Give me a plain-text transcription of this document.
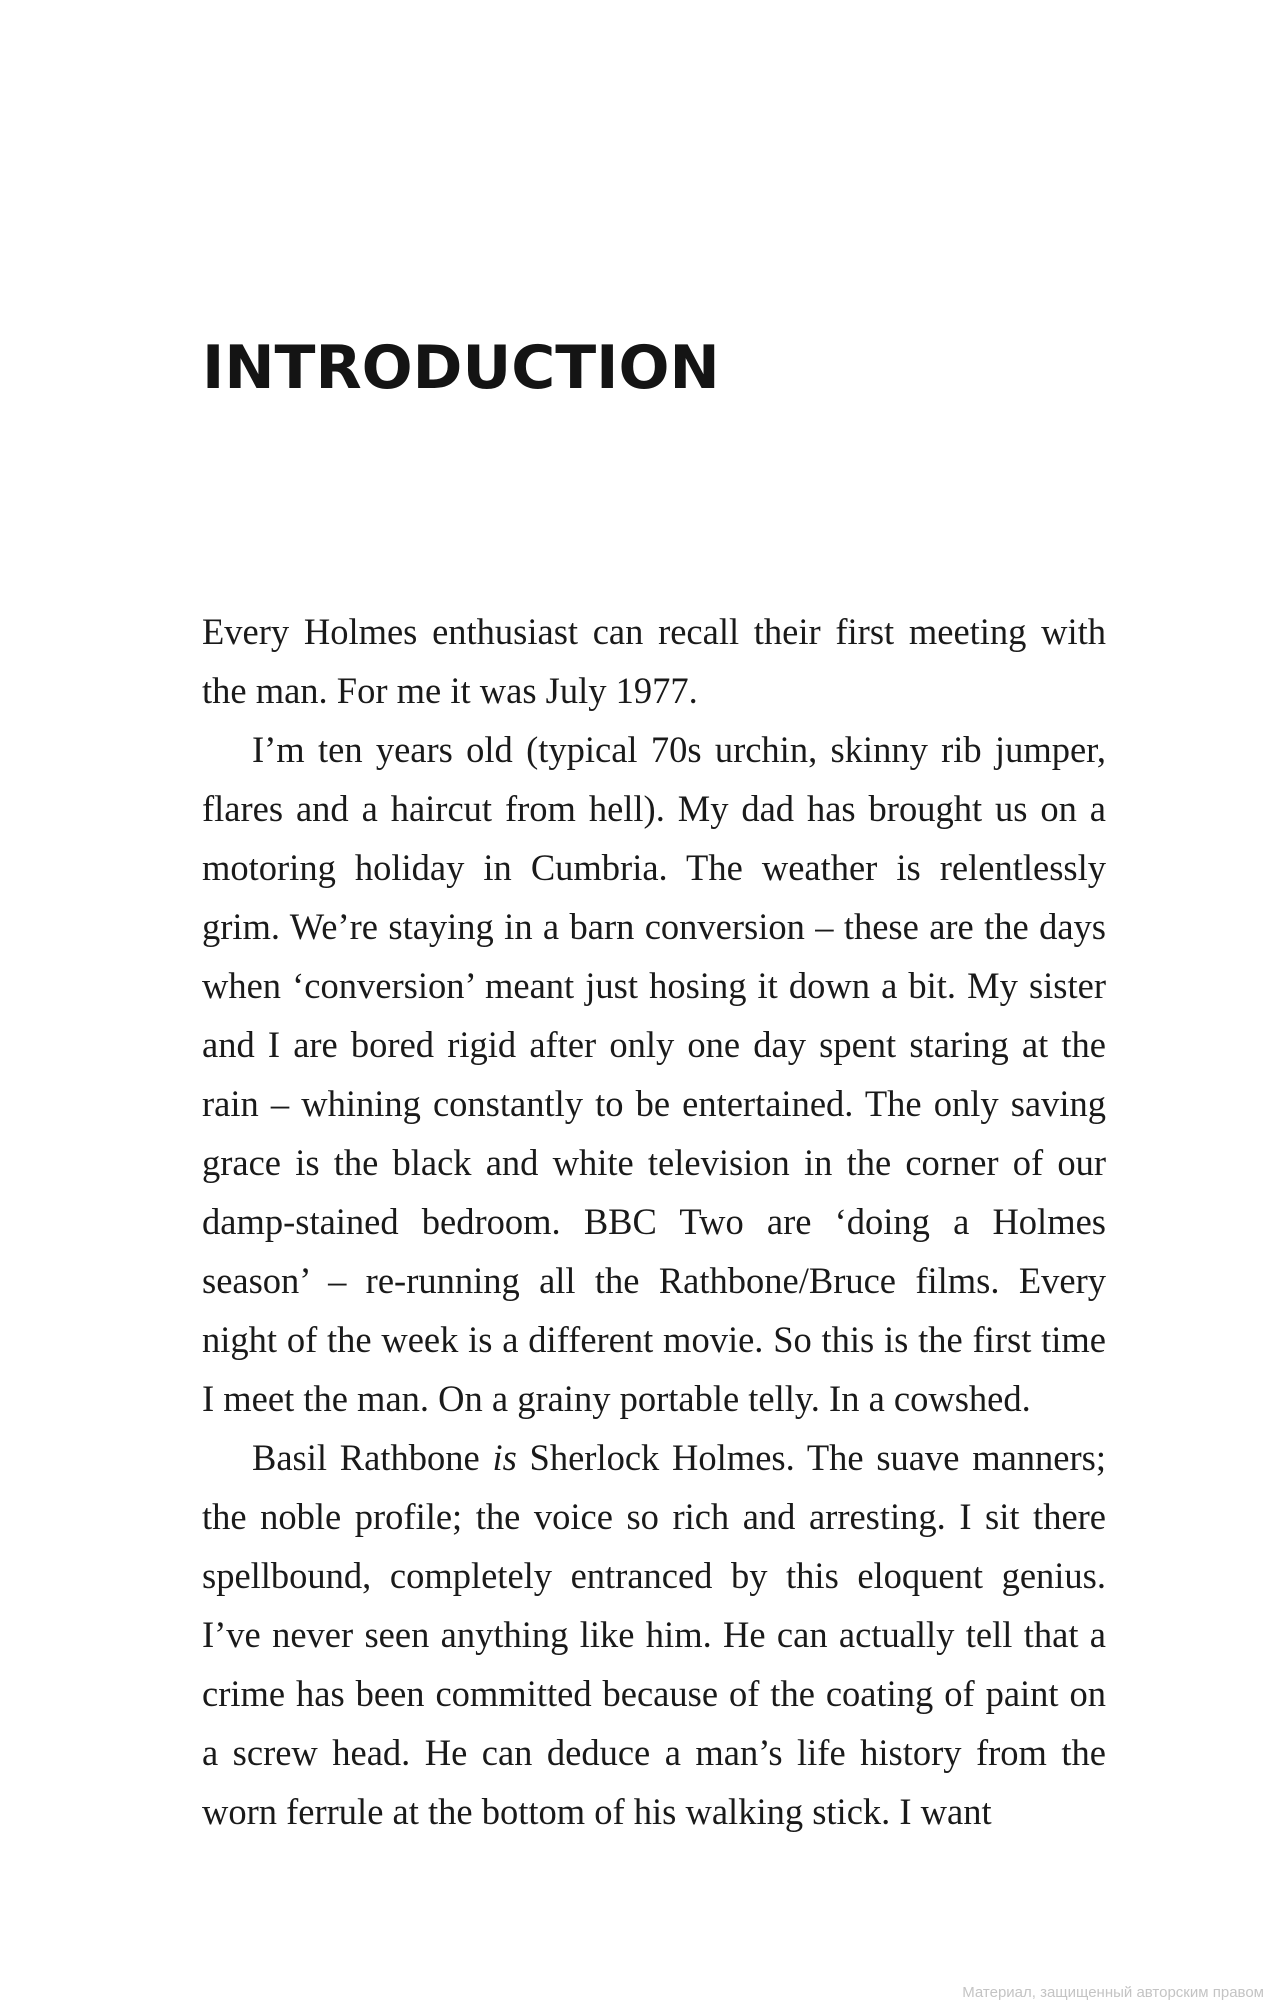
INTRODUCTION

Every Holmes enthusiast can recall their first meeting with the man. For me it was July 1977.

I’m ten years old (typical 70s urchin, skinny rib jumper, flares and a haircut from hell). My dad has brought us on a motoring holiday in Cumbria. The weather is relentlessly grim. We’re staying in a barn conversion – these are the days when ‘conversion’ meant just hosing it down a bit. My sister and I are bored rigid after only one day spent staring at the rain – whining constantly to be entertained. The only saving grace is the black and white television in the corner of our damp-stained bedroom. BBC Two are ‘doing a Holmes season’ – re-running all the Rathbone/Bruce films. Every night of the week is a different movie. So this is the first time I meet the man. On a grainy portable telly. In a cowshed.

Basil Rathbone is Sherlock Holmes. The suave manners; the noble profile; the voice so rich and arresting. I sit there spellbound, completely entranced by this eloquent genius. I’ve never seen anything like him. He can actually tell that a crime has been committed because of the coating of paint on a screw head. He can deduce a man’s life history from the worn ferrule at the bottom of his walking stick. I want

Материал, защищенный авторским правом
